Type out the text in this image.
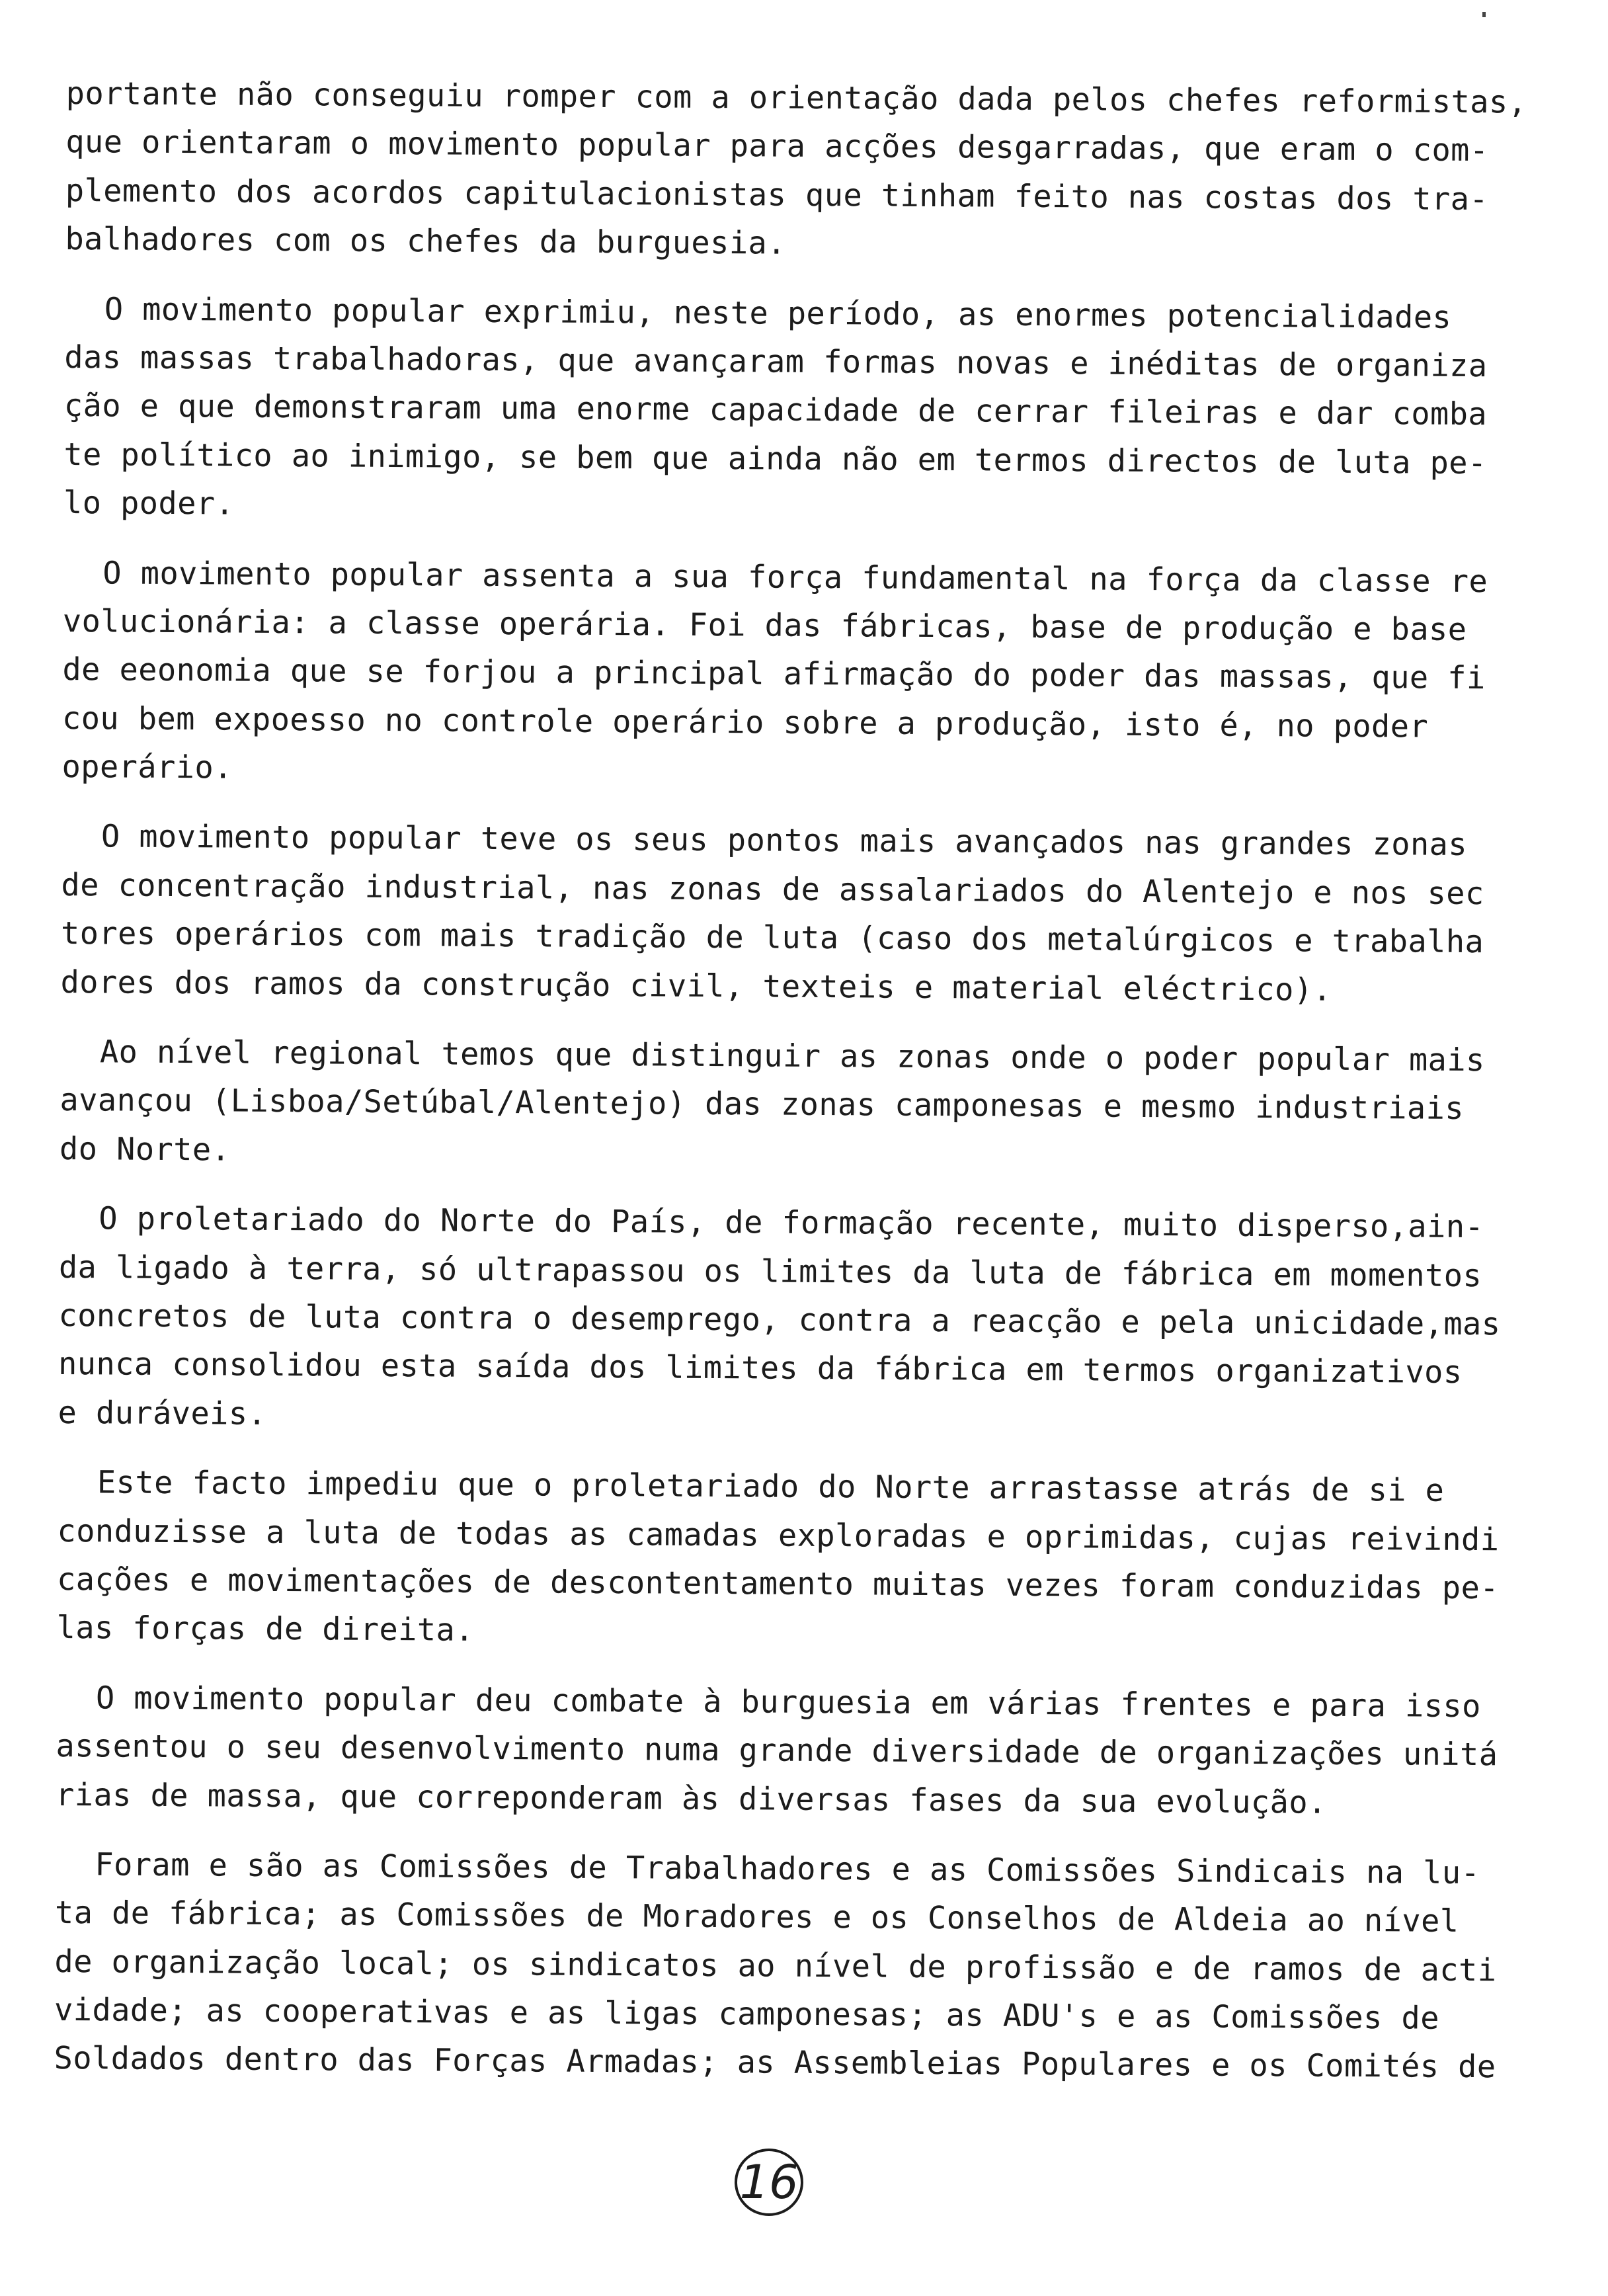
portante não conseguiu romper com a orientação dada pelos chefes reformistas,
que orientaram o movimento popular para acções desgarradas, que eram o com-
plemento dos acordos capitulacionistas que tinham feito nas costas dos tra-
balhadores com os chefes da burguesia.

O movimento popular exprimiu, neste período, as enormes potencialidades
das massas trabalhadoras, que avançaram formas novas e inéditas de organiza
ção e que demonstraram uma enorme capacidade de cerrar fileiras e dar comba
te político ao inimigo, se bem que ainda não em termos directos de luta pe-
lo poder.

O movimento popular assenta a sua força fundamental na força da classe re
volucionária: a classe operária. Foi das fábricas, base de produção e base
de eeonomia que se forjou a principal afirmação do poder das massas, que fi
cou bem expoesso no controle operário sobre a produção, isto é, no poder
operário.

O movimento popular teve os seus pontos mais avançados nas grandes zonas
de concentração industrial, nas zonas de assalariados do Alentejo e nos sec
tores operários com mais tradição de luta (caso dos metalúrgicos e trabalha
dores dos ramos da construção civil, texteis e material eléctrico).

Ao nível regional temos que distinguir as zonas onde o poder popular mais
avançou (Lisboa/Setúbal/Alentejo) das zonas camponesas e mesmo industriais
do Norte.

O proletariado do Norte do País, de formação recente, muito disperso,ain-
da ligado à terra, só ultrapassou os limites da luta de fábrica em momentos
concretos de luta contra o desemprego, contra a reacção e pela unicidade,mas
nunca consolidou esta saída dos limites da fábrica em termos organizativos
e duráveis.

Este facto impediu que o proletariado do Norte arrastasse atrás de si e
conduzisse a luta de todas as camadas exploradas e oprimidas, cujas reivindi
cações e movimentações de descontentamento muitas vezes foram conduzidas pe-
las forças de direita.

O movimento popular deu combate à burguesia em várias frentes e para isso
assentou o seu desenvolvimento numa grande diversidade de organizações unitá
rias de massa, que correponderam às diversas fases da sua evolução.

Foram e são as Comissões de Trabalhadores e as Comissões Sindicais na lu-
ta de fábrica; as Comissões de Moradores e os Conselhos de Aldeia ao nível
de organização local; os sindicatos ao nível de profissão e de ramos de acti
vidade; as cooperativas e as ligas camponesas; as ADU's e as Comissões de
Soldados dentro das Forças Armadas; as Assembleias Populares e os Comités de

16
